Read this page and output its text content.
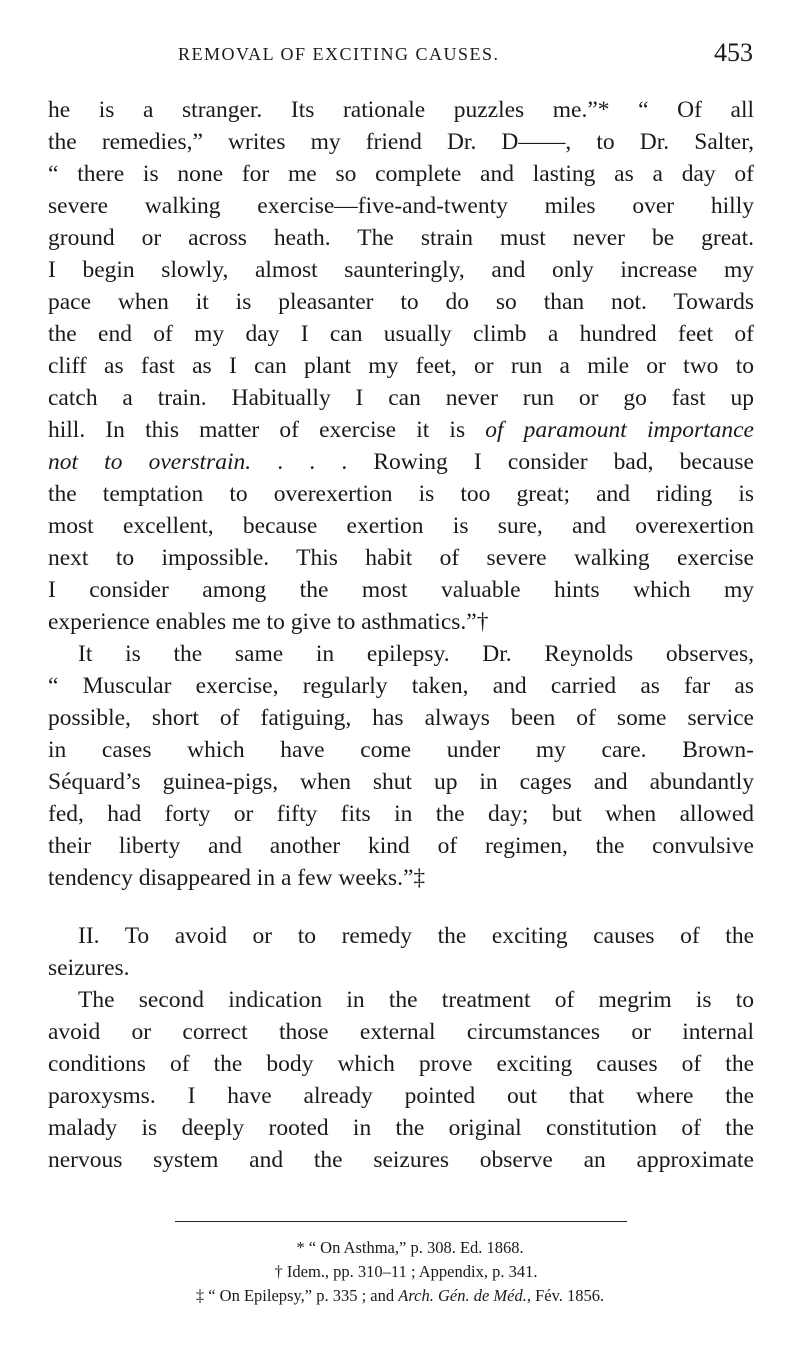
REMOVAL OF EXCITING CAUSES.	453
he is a stranger. Its rationale puzzles me.”* “ Of all
the remedies,” writes my friend Dr. D——, to Dr. Salter,
“ there is none for me so complete and lasting as a day of
severe walking exercise—five-and-twenty miles over hilly
ground or across heath. The strain must never be great.
I begin slowly, almost saunteringly, and only increase my
pace when it is pleasanter to do so than not. Towards
the end of my day I can usually climb a hundred feet of
cliff as fast as I can plant my feet, or run a mile or two to
catch a train. Habitually I can never run or go fast up
hill. In this matter of exercise it is of paramount importance
not to overstrain. . . . Rowing I consider bad, because
the temptation to overexertion is too great; and riding is
most excellent, because exertion is sure, and overexertion
next to impossible. This habit of severe walking exercise
I consider among the most valuable hints which my
experience enables me to give to asthmatics.”†
It is the same in epilepsy. Dr. Reynolds observes,
“ Muscular exercise, regularly taken, and carried as far as
possible, short of fatiguing, has always been of some service
in cases which have come under my care. Brown-
Séquard’s guinea-pigs, when shut up in cages and abundantly
fed, had forty or fifty fits in the day; but when allowed
their liberty and another kind of regimen, the convulsive
tendency disappeared in a few weeks.”‡
II. To avoid or to remedy the exciting causes of the
seizures.
The second indication in the treatment of megrim is to
avoid or correct those external circumstances or internal
conditions of the body which prove exciting causes of the
paroxysms. I have already pointed out that where the
malady is deeply rooted in the original constitution of the
nervous system and the seizures observe an approximate
* “ On Asthma,” p. 308. Ed. 1868.
† Idem., pp. 310–11 ; Appendix, p. 341.
‡ “ On Epilepsy,” p. 335 ; and Arch. Gén. de Méd., Fév. 1856.
